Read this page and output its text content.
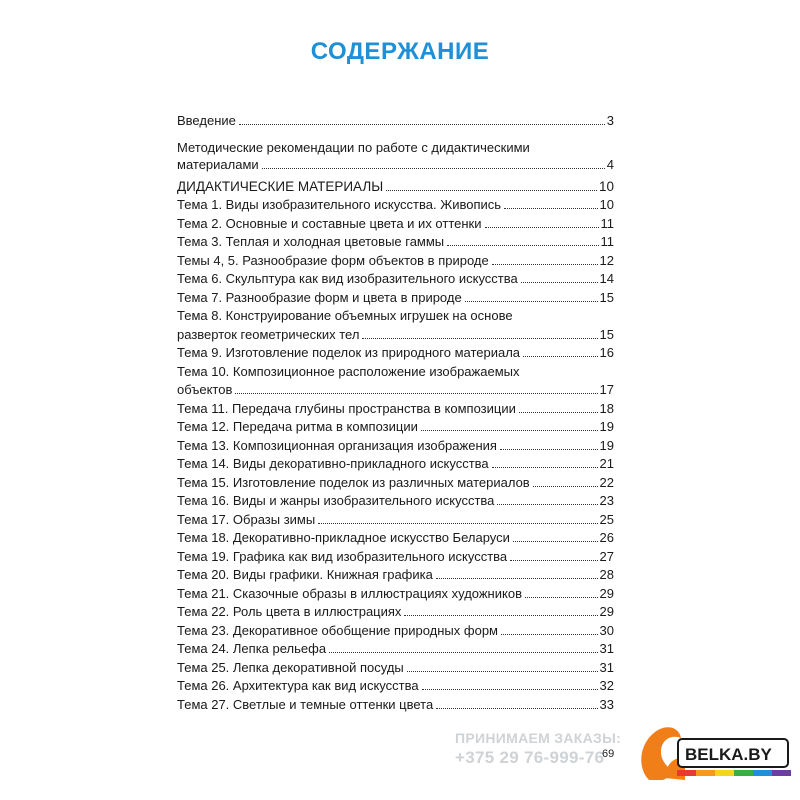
СОДЕРЖАНИЕ
Введение	3
Методические рекомендации по работе с дидактическими
материалами	4
ДИДАКТИЧЕСКИЕ МАТЕРИАЛЫ	10
Тема 1. Виды изобразительного искусства. Живопись	10
Тема 2. Основные и составные цвета и их оттенки	11
Тема 3. Теплая и холодная цветовые гаммы	11
Темы 4, 5. Разнообразие форм объектов в природе	12
Тема 6. Скульптура как вид изобразительного искусства	14
Тема 7. Разнообразие форм и цвета в природе	15
Тема 8. Конструирование объемных игрушек на основе
разверток геометрических тел	15
Тема 9. Изготовление поделок из природного материала	16
Тема 10. Композиционное расположение изображаемых
объектов	17
Тема 11. Передача глубины пространства в композиции	18
Тема 12. Передача ритма в композиции	19
Тема 13. Композиционная организация изображения	19
Тема 14. Виды декоративно-прикладного искусства	21
Тема 15. Изготовление поделок из различных материалов	22
Тема 16. Виды и жанры изобразительного искусства	23
Тема 17. Образы зимы	25
Тема 18. Декоративно-прикладное искусство Беларуси	26
Тема 19. Графика как вид изобразительного искусства	27
Тема 20. Виды графики. Книжная графика	28
Тема 21. Сказочные образы в иллюстрациях художников	29
Тема 22. Роль цвета в иллюстрациях	29
Тема 23. Декоративное обобщение природных форм	30
Тема 24. Лепка рельефа	31
Тема 25. Лепка декоративной посуды	31
Тема 26. Архитектура как вид искусства	32
Тема 27. Светлые и темные оттенки цвета	33
ПРИНИМАЕМ ЗАКАЗЫ:
+375 29 76-999-76
69	BELKA.BY
